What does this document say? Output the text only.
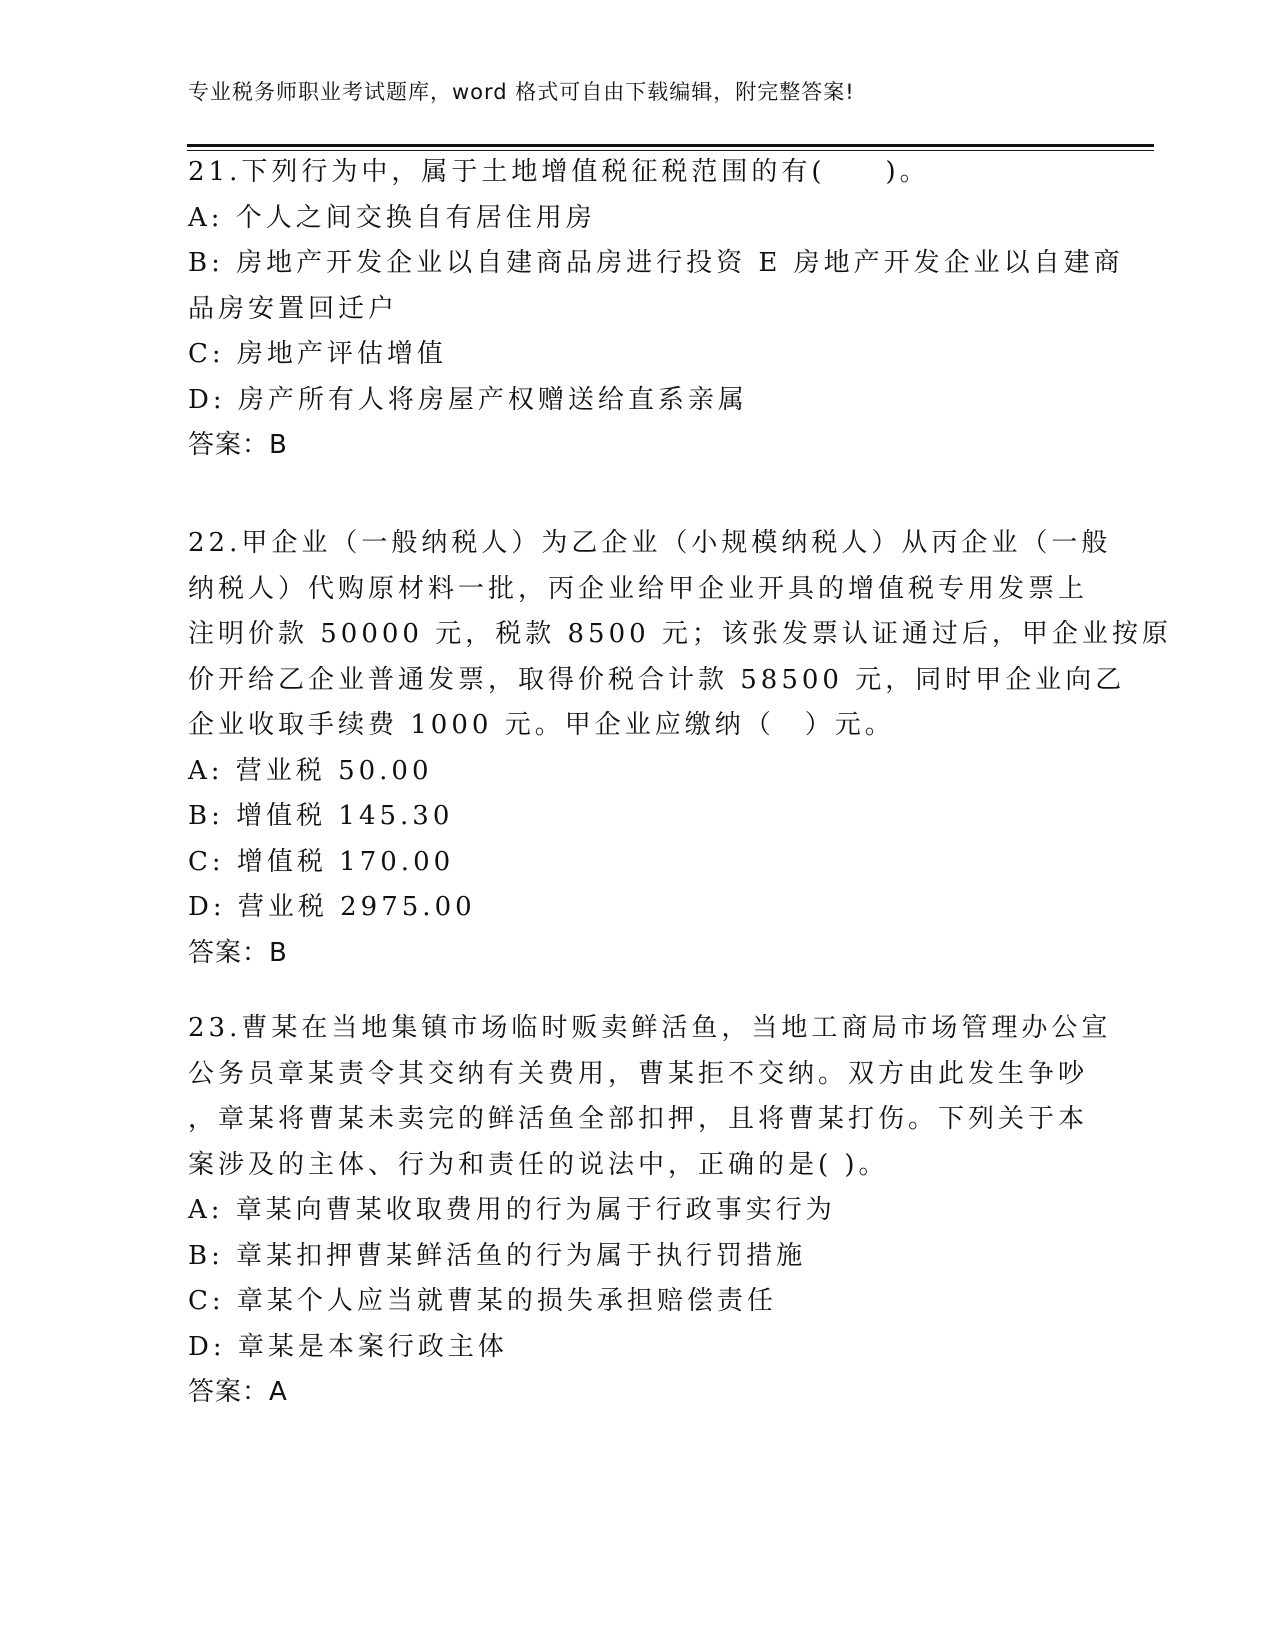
专业税务师职业考试题库，word 格式可自由下载编辑，附完整答案!
21.下列行为中，属于土地增值税征税范围的有(　　)。
A: 个人之间交换自有居住用房
B: 房地产开发企业以自建商品房进行投资 E 房地产开发企业以自建商
品房安置回迁户
C: 房地产评估增值
D: 房产所有人将房屋产权赠送给直系亲属
答案：B
22.甲企业（一般纳税人）为乙企业（小规模纳税人）从丙企业（一般
纳税人）代购原材料一批，丙企业给甲企业开具的增值税专用发票上
注明价款 50000 元，税款 8500 元；该张发票认证通过后，甲企业按原
价开给乙企业普通发票，取得价税合计款 58500 元，同时甲企业向乙
企业收取手续费 1000 元。甲企业应缴纳（　）元。
A: 营业税 50.00
B: 增值税 145.30
C: 增值税 170.00
D: 营业税 2975.00
答案：B
23.曹某在当地集镇市场临时贩卖鲜活鱼，当地工商局市场管理办公宣
公务员章某责令其交纳有关费用，曹某拒不交纳。双方由此发生争吵
，章某将曹某未卖完的鲜活鱼全部扣押，且将曹某打伤。下列关于本
案涉及的主体、行为和责任的说法中，正确的是( )。
A: 章某向曹某收取费用的行为属于行政事实行为
B: 章某扣押曹某鲜活鱼的行为属于执行罚措施
C: 章某个人应当就曹某的损失承担赔偿责任
D: 章某是本案行政主体
答案：A
